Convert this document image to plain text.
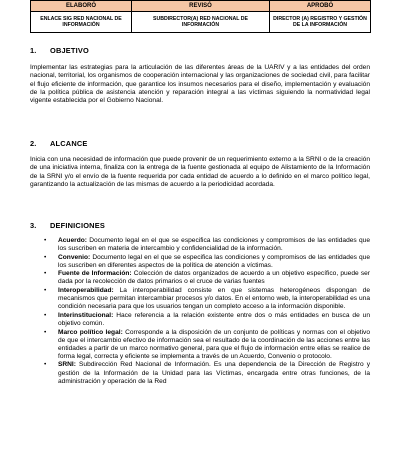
ELABORÓ	REVISÓ	APROBÓ
ENLACE SIG RED NACIONAL DE INFORMACIÓN	SUBDIRECTOR(A) RED NACIONAL DE INFORMACIÓN	DIRECTOR (A) REGISTRO Y GESTIÓN DE LA INFORMACIÓN
1. OBJETIVO

Implementar las estrategias para la articulación de las diferentes áreas de la UARIV y a las entidades del orden nacional, territorial, los organismos de cooperación internacional y las organizaciones de sociedad civil, para facilitar el flujo eficiente de información, que garantice los insumos necesarios para el diseño, implementación y evaluación de la política pública de asistencia atención y reparación integral a las víctimas siguiendo la normatividad legal vigente establecida por el Gobierno Nacional.

2. ALCANCE

Inicia con una necesidad de información que puede provenir de un requerimiento externo a la SRNI o de la creación de una iniciativa interna, finaliza con la entrega de la fuente gestionada al equipo de Alistamiento de la Información de la SRNI y/o el envío de la fuente requerida por cada entidad de acuerdo a lo definido en el marco político legal, garantizando la actualización de las mismas de acuerdo a la periodicidad acordada.

3. DEFINICIONES
• Acuerdo: Documento legal en el que se especifica las condiciones y compromisos de las entidades que los suscriben en materia de intercambio y confidencialidad de la información.
• Convenio: Documento legal en el que se especifica las condiciones y compromisos de las entidades que los suscriben en diferentes aspectos de la política de atención a víctimas.
• Fuente de Información: Colección de datos organizados de acuerdo a un objetivo específico, puede ser dada por la recolección de datos primarios o el cruce de varias fuentes
• Interoperabilidad: La interoperabilidad consiste en que sistemas heterogéneos dispongan de mecanismos que permitan intercambiar procesos y/o datos. En el entorno web, la interoperabilidad es una condición necesaria para que los usuarios tengan un completo acceso a la información disponible.
• Interinstitucional: Hace referencia a la relación existente entre dos o más entidades en busca de un objetivo común.
• Marco político legal: Corresponde a la disposición de un conjunto de políticas y normas con el objetivo de que el intercambio efectivo de información sea el resultado de la coordinación de las acciones entre las entidades a partir de un marco normativo general, para que el flujo de información entre ellas se realice de forma legal, correcta y eficiente se implementa a través de un Acuerdo, Convenio o protocolo.
• SRNI: Subdirección Red Nacional de Información. Es una dependencia de la Dirección de Registro y gestión de la Información de la Unidad para las Víctimas, encargada entre otras funciones, de la administración y operación de la Red
